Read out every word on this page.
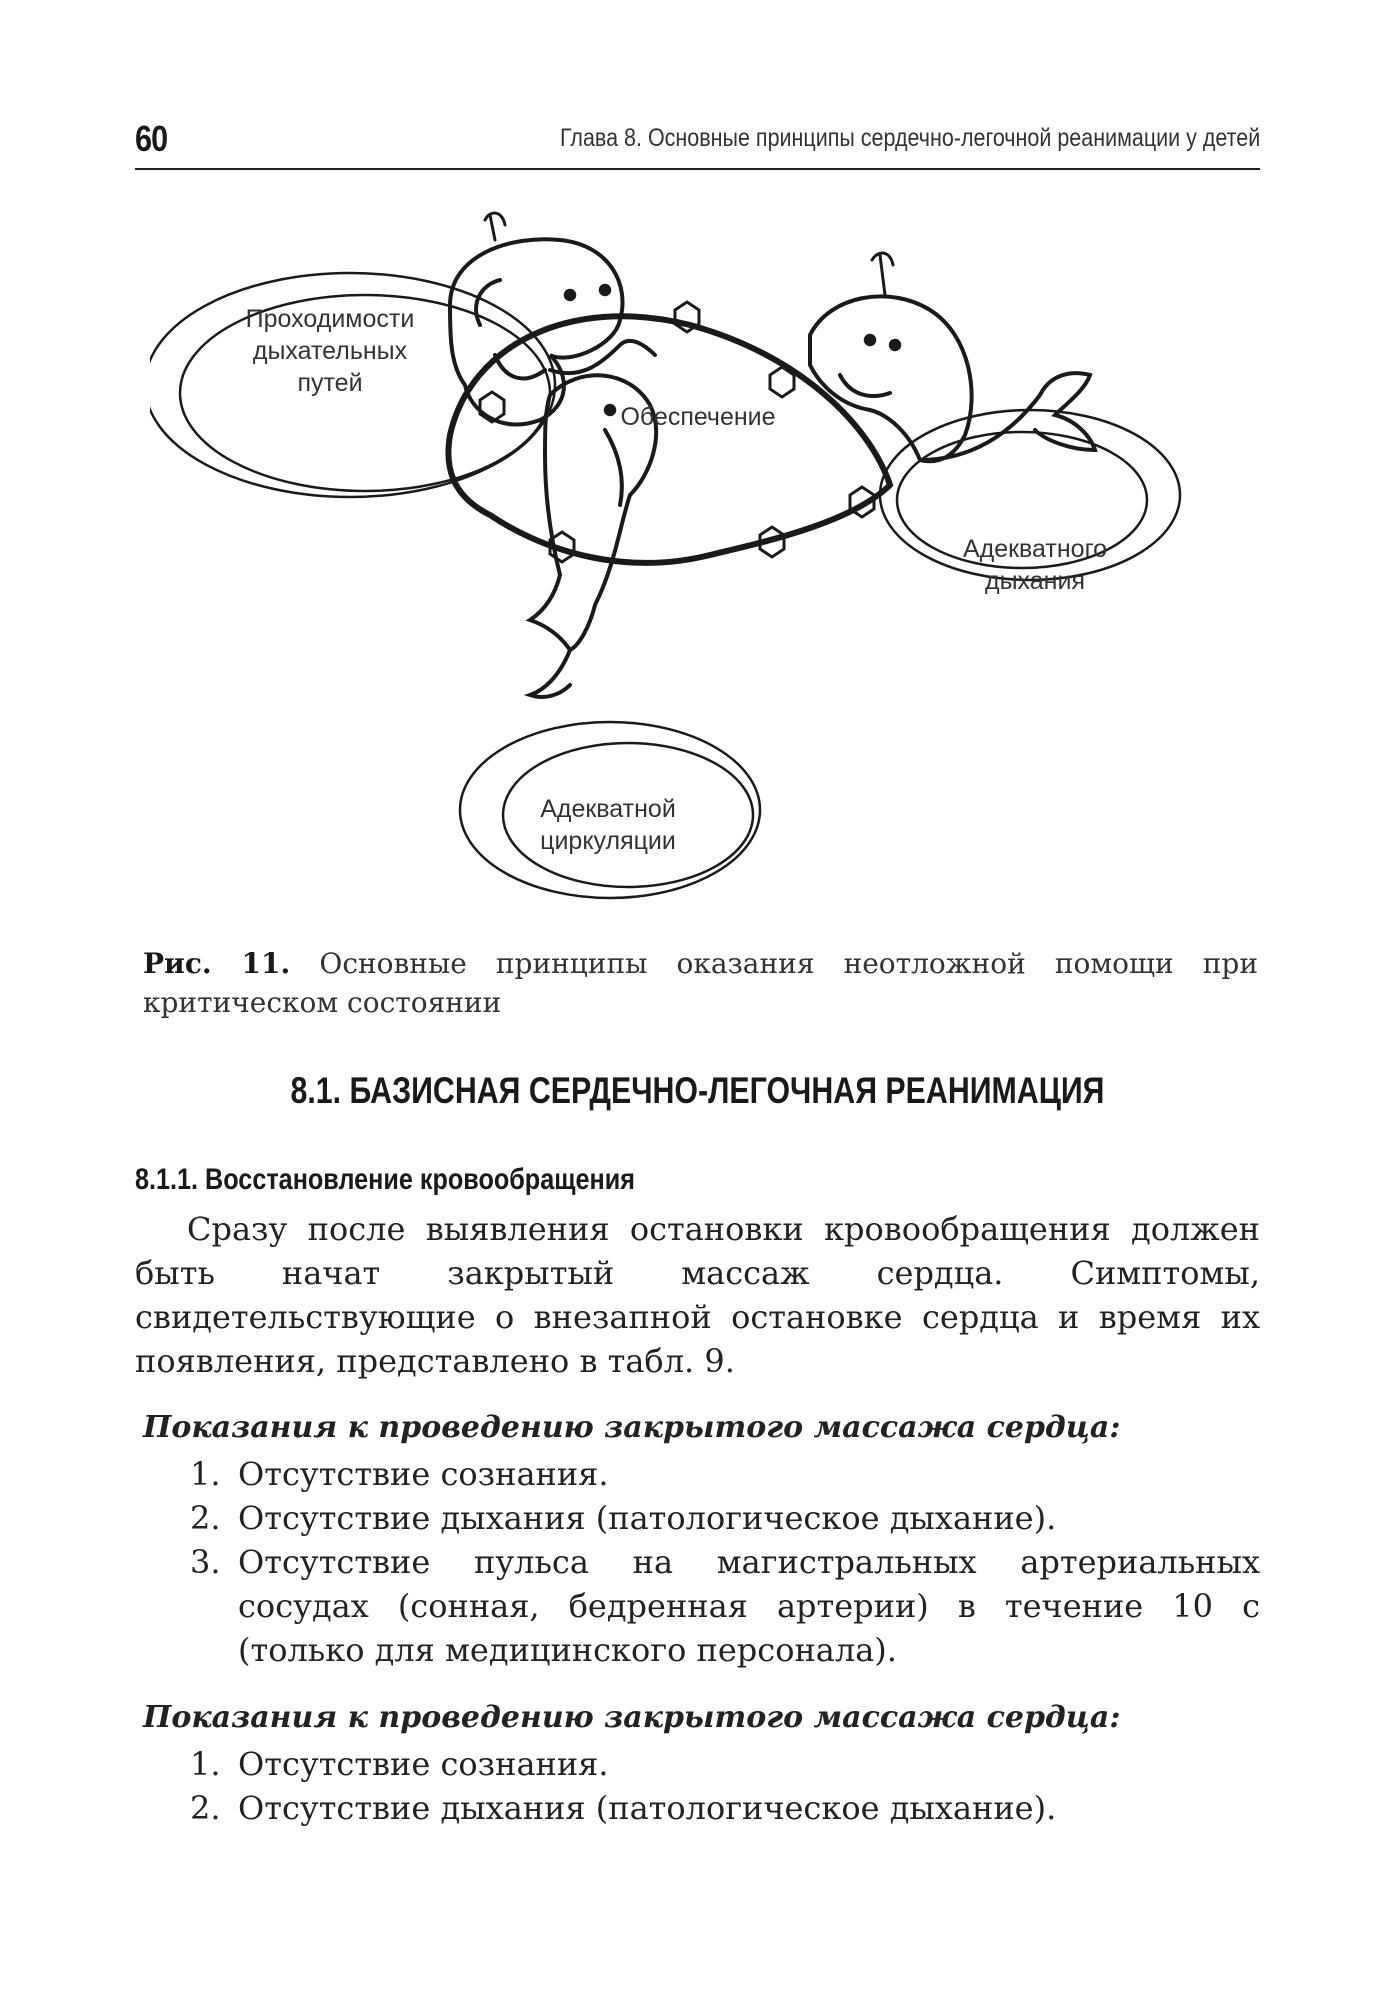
60	Глава 8. Основные принципы сердечно-легочной реанимации у детей
Проходимости
дыхательных
путей
Обеспечение
Адекватного
дыхания
Адекватной
циркуляции
Рис. 11. Основные принципы оказания неотложной помощи при критическом состоянии
8.1. БАЗИСНАЯ СЕРДЕЧНО-ЛЕГОЧНАЯ РЕАНИМАЦИЯ
8.1.1. Восстановление кровообращения
Сразу после выявления остановки кровообращения должен быть начат закрытый массаж сердца. Симптомы, свидетельствующие о внезапной остановке сердца и время их появления, представлено в табл. 9.
Показания к проведению закрытого массажа сердца:
1. Отсутствие сознания.
2. Отсутствие дыхания (патологическое дыхание).
3. Отсутствие пульса на магистральных артериальных сосудах (сонная, бедренная артерии) в течение 10 с (только для медицинского персонала).
Показания к проведению закрытого массажа сердца:
1. Отсутствие сознания.
2. Отсутствие дыхания (патологическое дыхание).
